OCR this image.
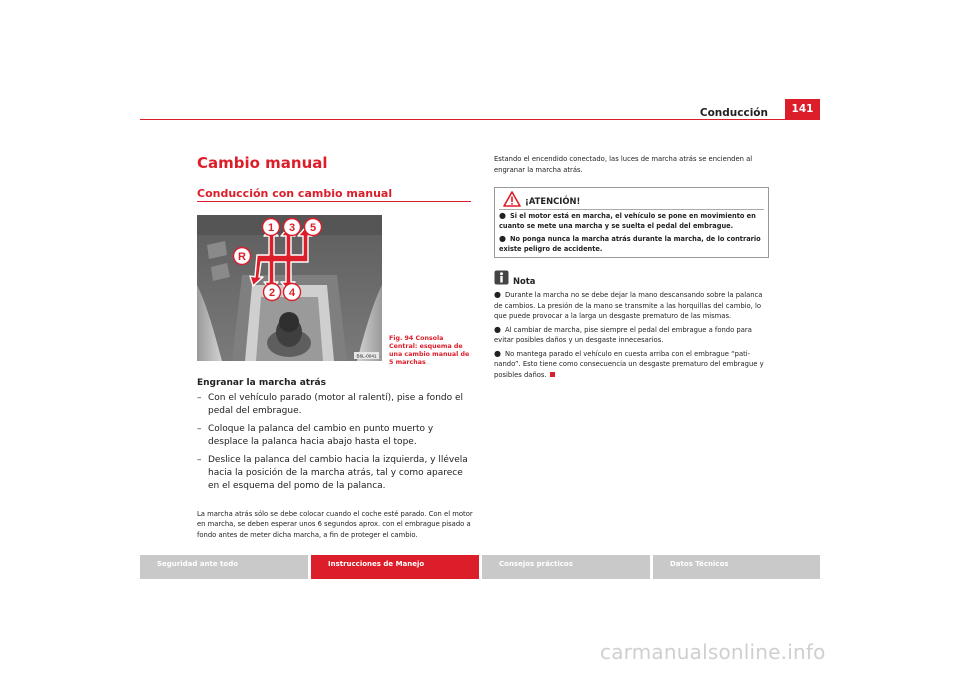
Conducción	141
Cambio manual
Conducción con cambio manual
1 3 5
R
2 4
B6L-0041
Fig. 94 Consola Central: esquema de una cambio manual de 5 marchas
Engranar la marcha atrás
– Con el vehículo parado (motor al ralentí), pise a fondo el pedal del embrague.
– Coloque la palanca del cambio en punto muerto y desplace la palanca hacia abajo hasta el tope.
– Deslice la palanca del cambio hacia la izquierda, y llévela hacia la posición de la marcha atrás, tal y como aparece en el esquema del pomo de la palanca.
La marcha atrás sólo se debe colocar cuando el coche esté parado. Con el motor en marcha, se deben esperar unos 6 segundos aprox. con el embrague pisado a fondo antes de meter dicha marcha, a fin de proteger el cambio.
Estando el encendido conectado, las luces de marcha atrás se encienden al engranar la marcha atrás.
¡ATENCIÓN!
● Si el motor está en marcha, el vehículo se pone en movimiento en cuanto se mete una marcha y se suelta el pedal del embrague.
● No ponga nunca la marcha atrás durante la marcha, de lo contrario existe peligro de accidente.
Nota
● Durante la marcha no se debe dejar la mano descansando sobre la palanca de cambios. La presión de la mano se transmite a las horquillas del cambio, lo que puede provocar a la larga un desgaste prematuro de las mismas.
● Al cambiar de marcha, pise siempre el pedal del embrague a fondo para evitar posibles daños y un desgaste innecesarios.
● No mantega parado el vehículo en cuesta arriba con el embrague “pati-nando”. Esto tiene como consecuencia un desgaste prematuro del embrague y posibles daños.
Seguridad ante todo	Instrucciones de Manejo	Consejos prácticos	Datos Técnicos
carmanualsonline.info
